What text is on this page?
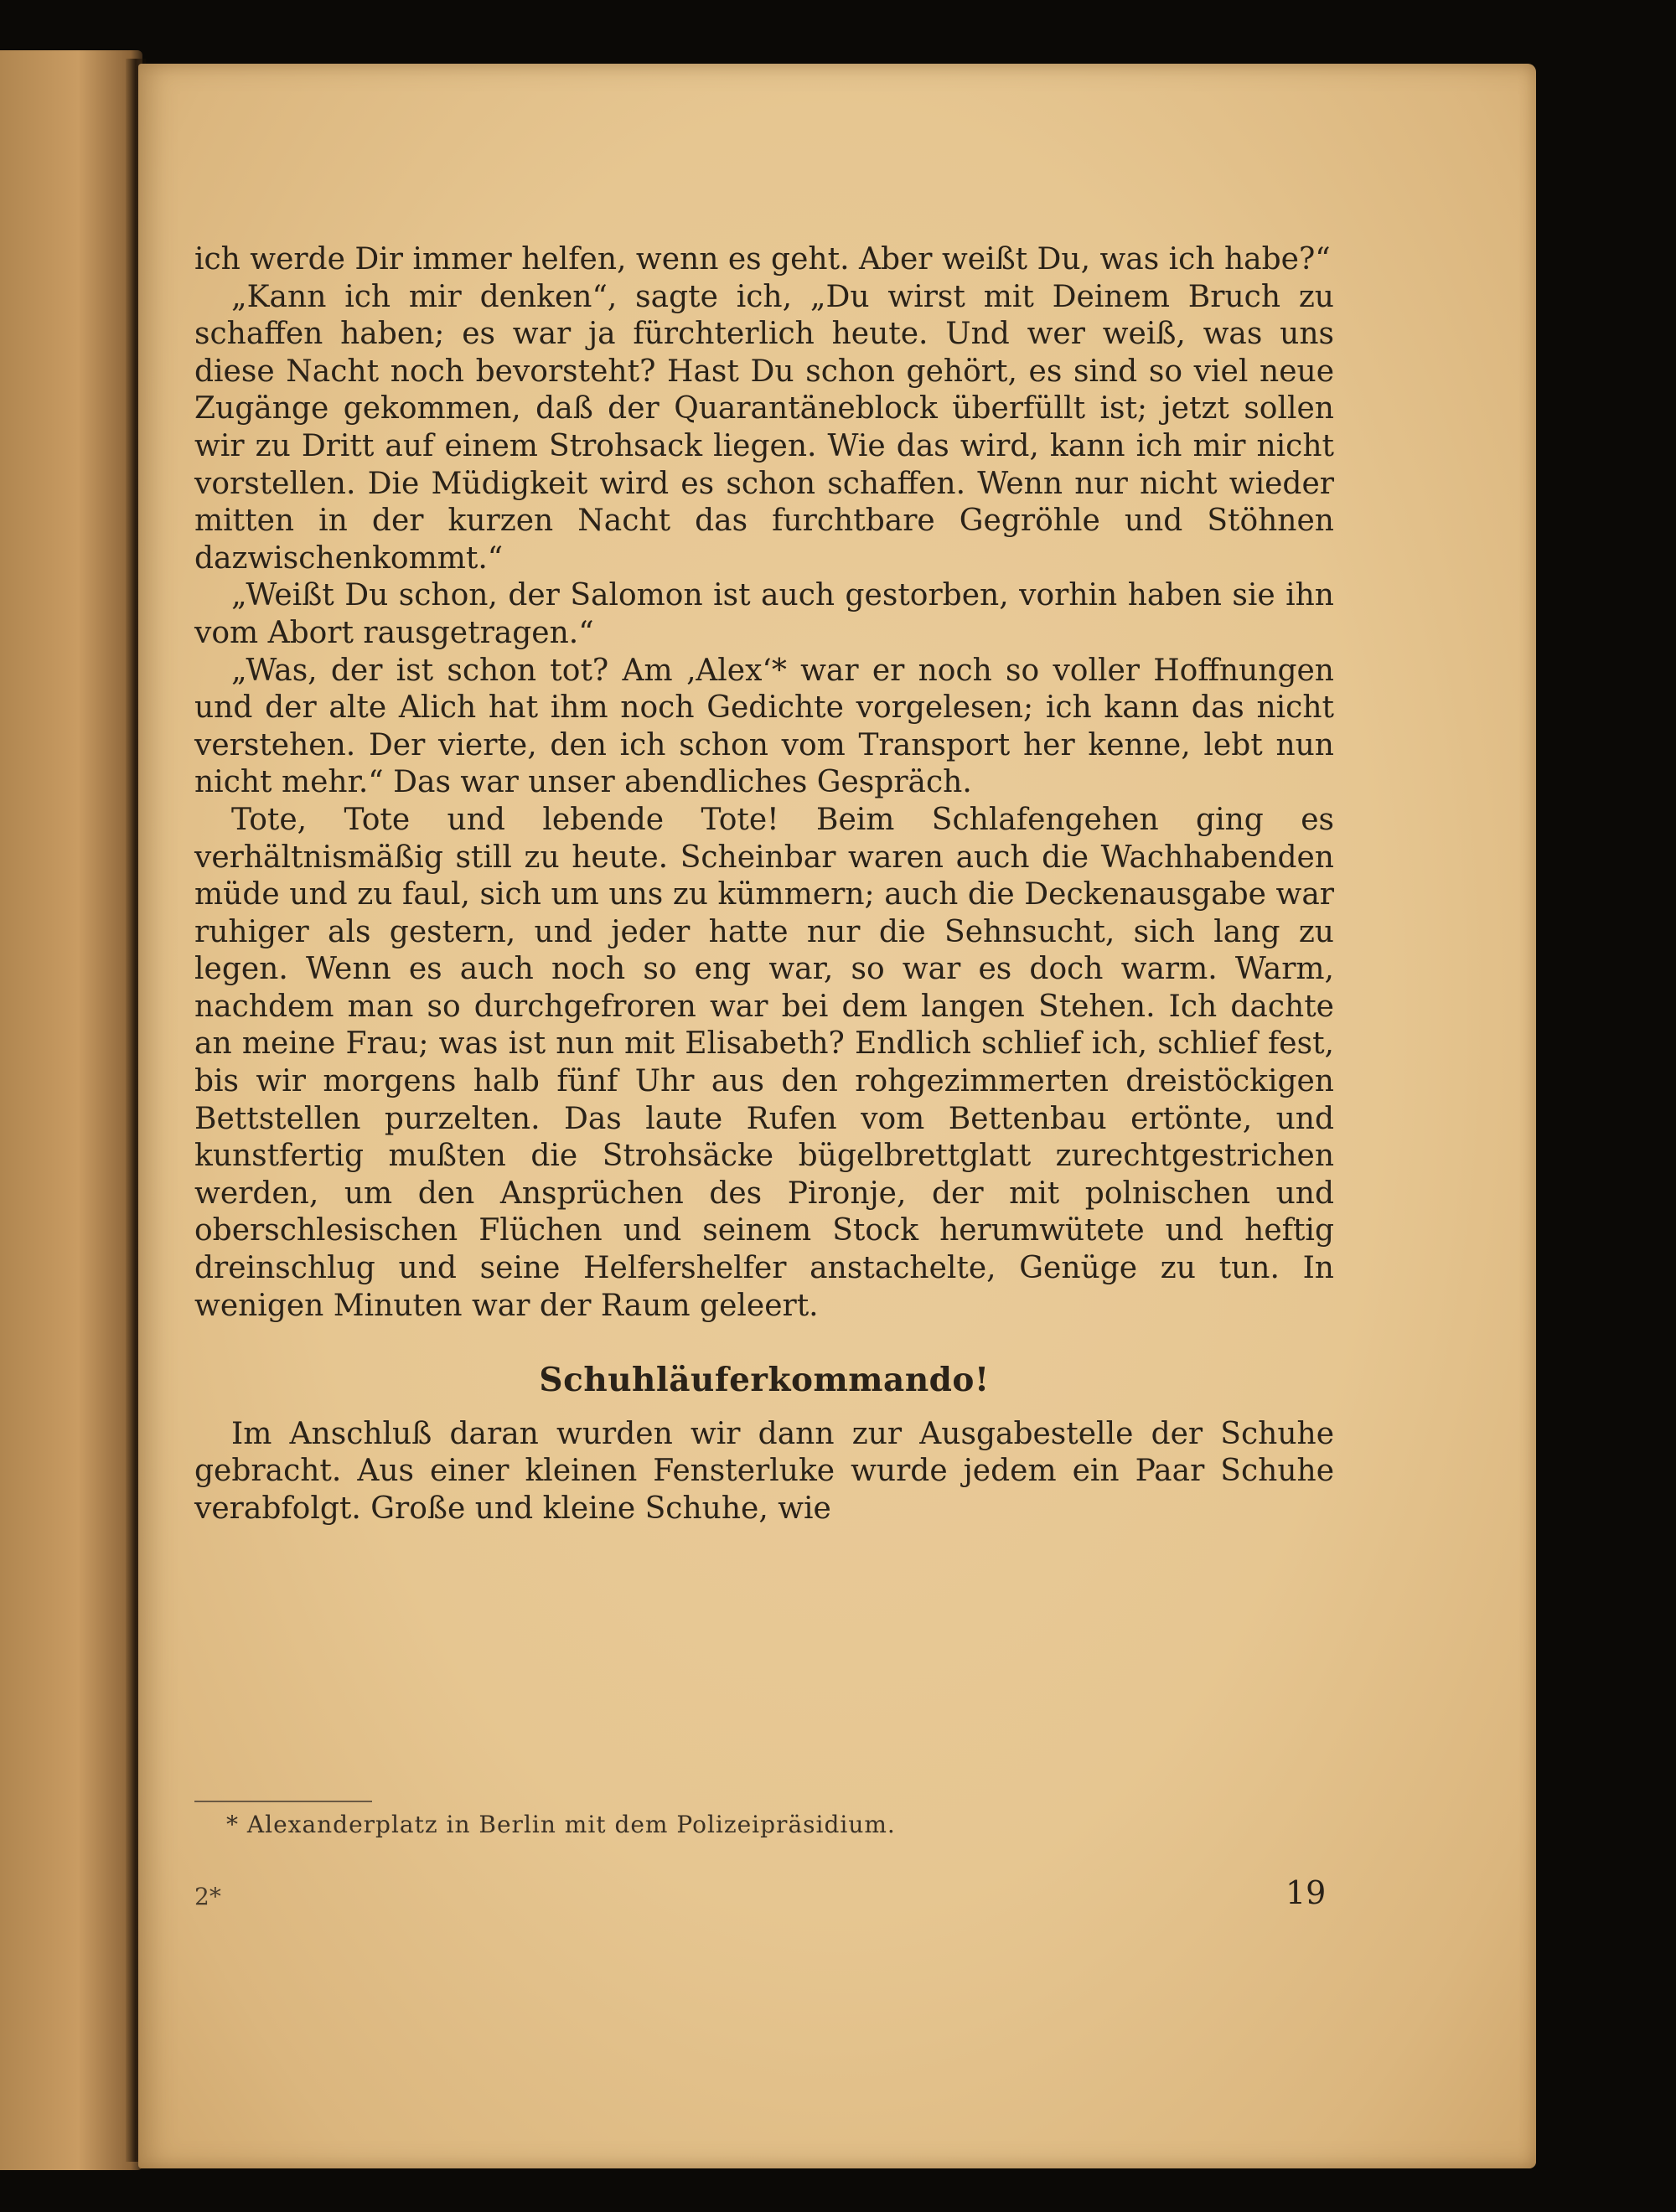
ich werde Dir immer helfen, wenn es geht. Aber weißt Du, was ich habe?“

„Kann ich mir denken“, sagte ich, „Du wirst mit Deinem Bruch zu schaffen haben; es war ja fürchterlich heute. Und wer weiß, was uns diese Nacht noch bevorsteht? Hast Du schon gehört, es sind so viel neue Zugänge gekommen, daß der Quarantäneblock überfüllt ist; jetzt sollen wir zu Dritt auf einem Strohsack liegen. Wie das wird, kann ich mir nicht vorstellen. Die Müdigkeit wird es schon schaffen. Wenn nur nicht wieder mitten in der kurzen Nacht das furchtbare Gegröhle und Stöhnen dazwischenkommt.“

„Weißt Du schon, der Salomon ist auch gestorben, vorhin haben sie ihn vom Abort rausgetragen.“

„Was, der ist schon tot? Am ‚Alex‘* war er noch so voller Hoffnungen und der alte Alich hat ihm noch Gedichte vorgelesen; ich kann das nicht verstehen. Der vierte, den ich schon vom Transport her kenne, lebt nun nicht mehr.“ Das war unser abendliches Gespräch.

Tote, Tote und lebende Tote! Beim Schlafengehen ging es verhältnismäßig still zu heute. Scheinbar waren auch die Wachhabenden müde und zu faul, sich um uns zu kümmern; auch die Deckenausgabe war ruhiger als gestern, und jeder hatte nur die Sehnsucht, sich lang zu legen. Wenn es auch noch so eng war, so war es doch warm. Warm, nachdem man so durchgefroren war bei dem langen Stehen. Ich dachte an meine Frau; was ist nun mit Elisabeth? Endlich schlief ich, schlief fest, bis wir morgens halb fünf Uhr aus den rohgezimmerten dreistöckigen Bettstellen purzelten. Das laute Rufen vom Bettenbau ertönte, und kunstfertig mußten die Strohsäcke bügelbrettglatt zurechtgestrichen werden, um den Ansprüchen des Pironje, der mit polnischen und oberschlesischen Flüchen und seinem Stock herumwütete und heftig dreinschlug und seine Helfershelfer anstachelte, Genüge zu tun. In wenigen Minuten war der Raum geleert.

Schuhläuferkommando!

Im Anschluß daran wurden wir dann zur Ausgabestelle der Schuhe gebracht. Aus einer kleinen Fensterluke wurde jedem ein Paar Schuhe verabfolgt. Große und kleine Schuhe, wie

* Alexanderplatz in Berlin mit dem Polizeipräsidium.
2*	19
